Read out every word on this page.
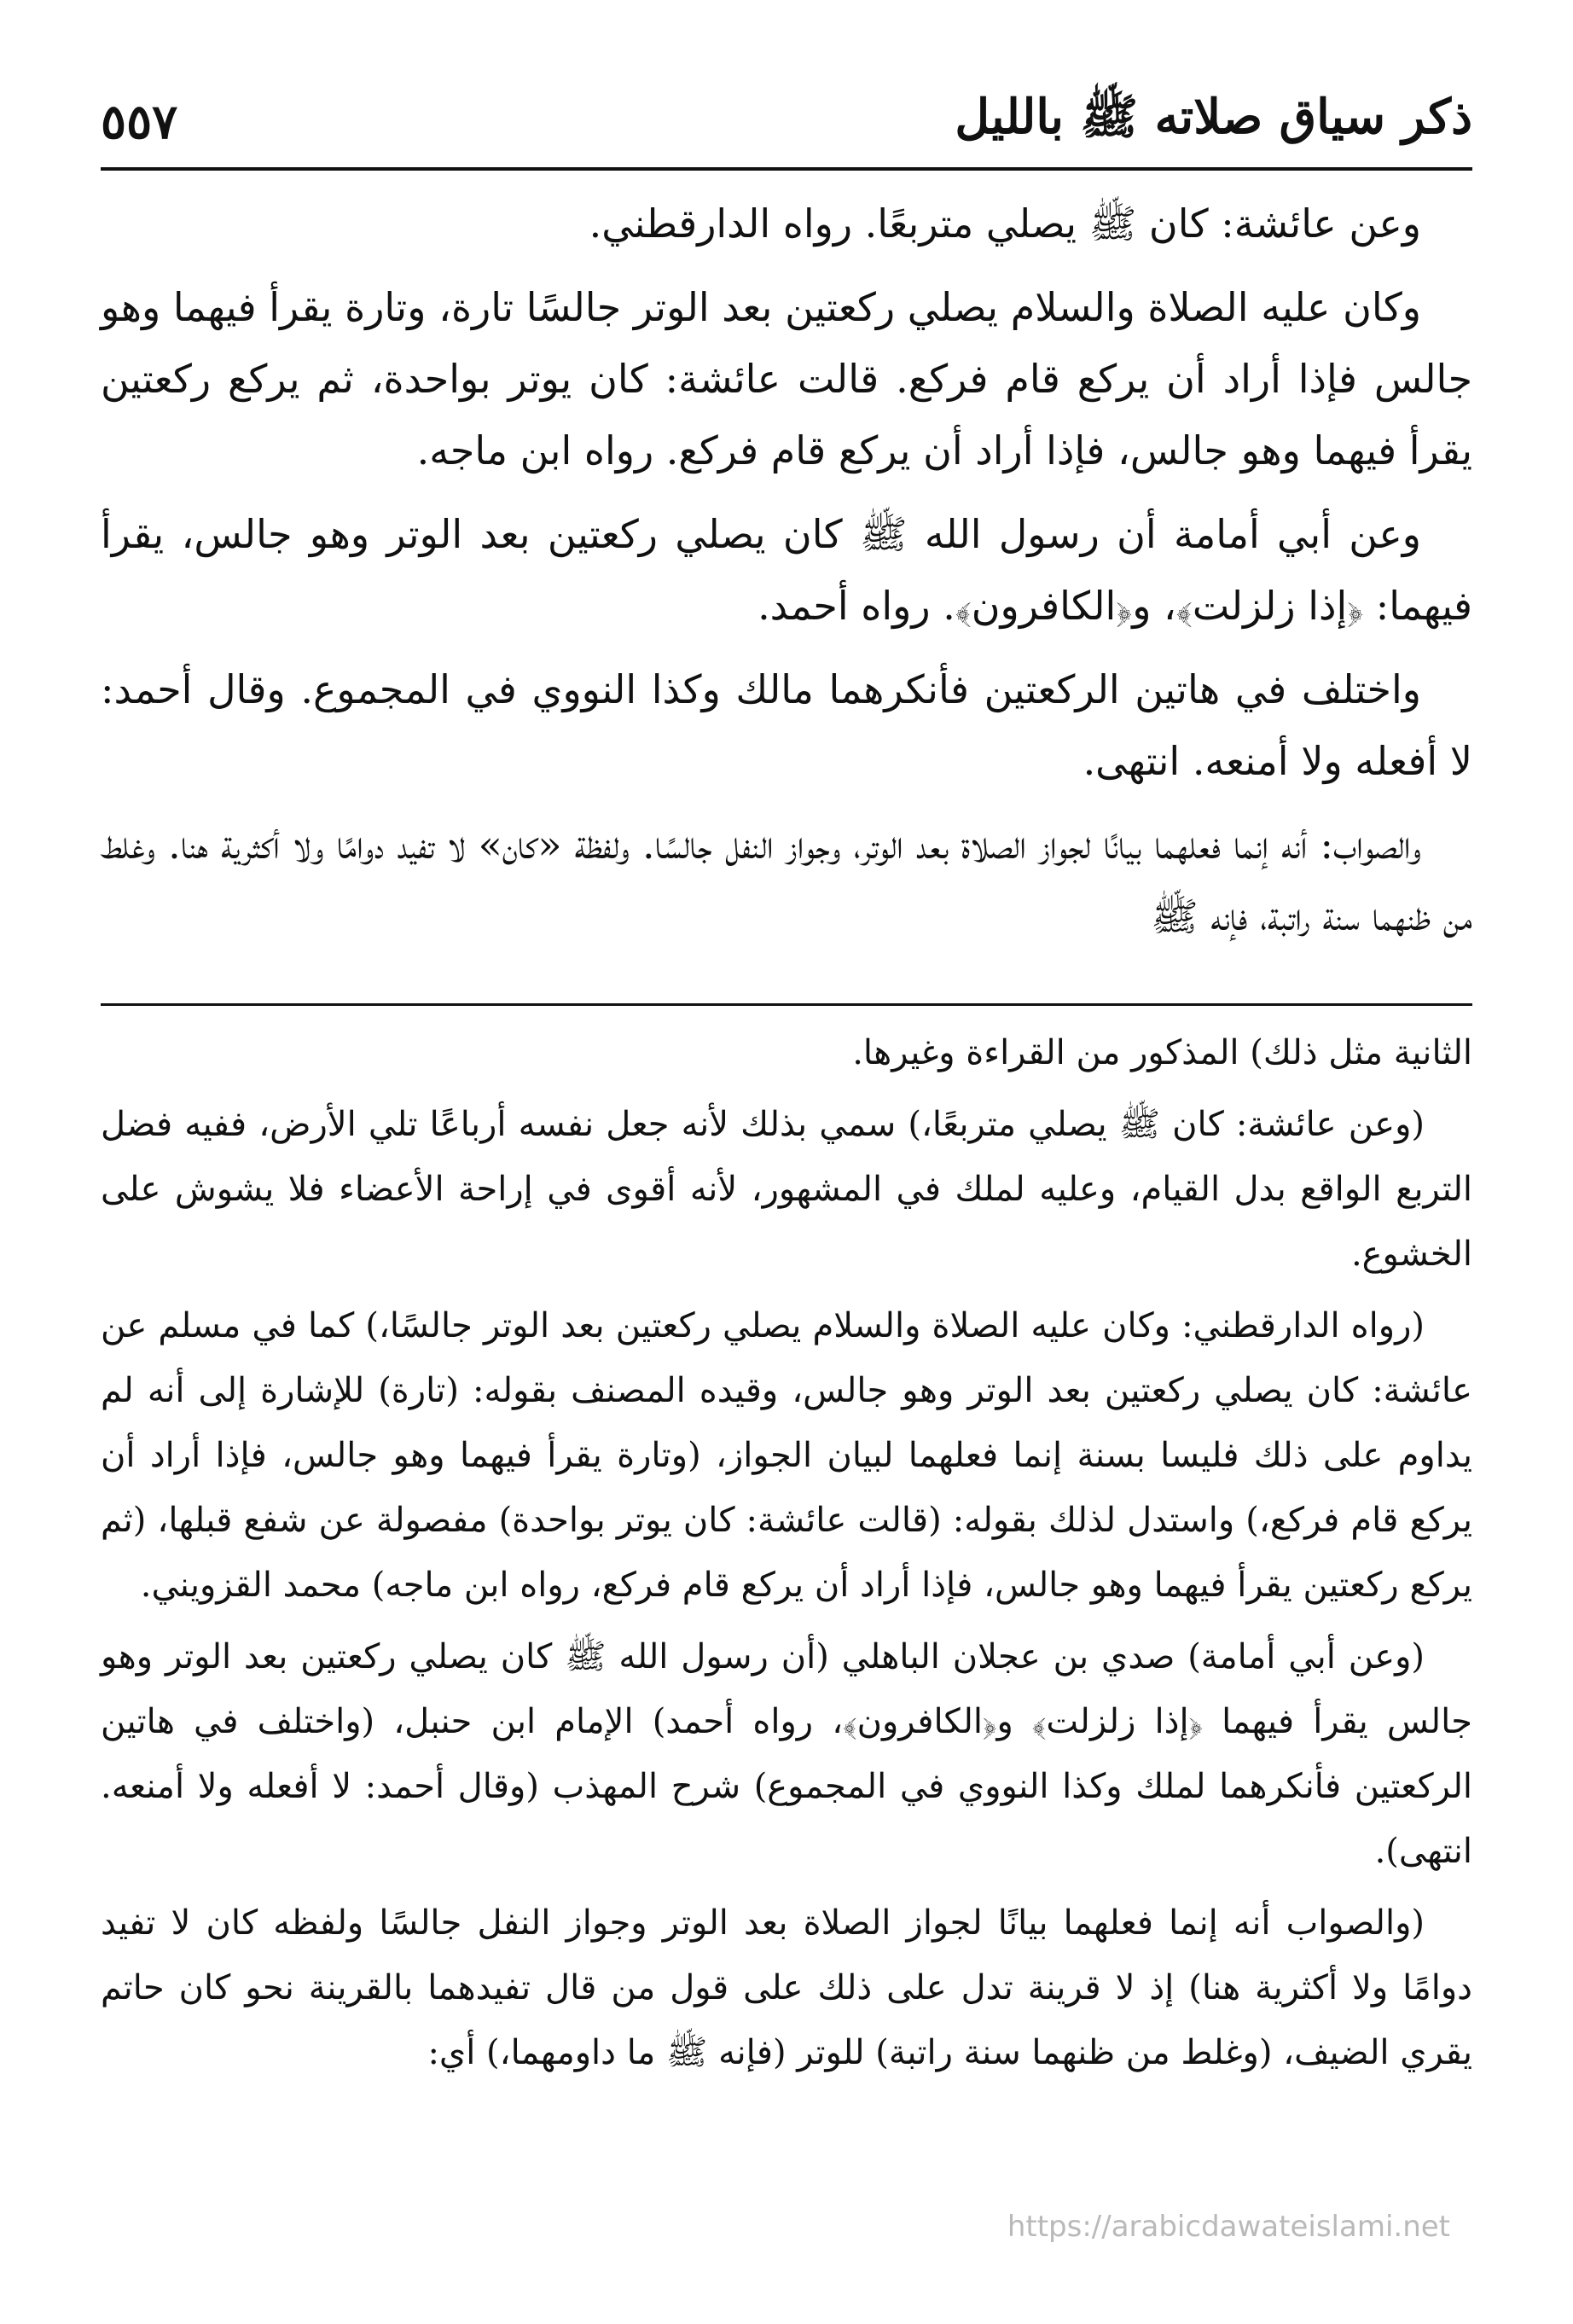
ذكر سياق صلاته ﷺ بالليل
٥٥٧

وعن عائشة: كان ﷺ يصلي متربعًا. رواه الدارقطني.

وكان عليه الصلاة والسلام يصلي ركعتين بعد الوتر جالسًا تارة، وتارة يقرأ فيهما وهو جالس فإذا أراد أن يركع قام فركع. قالت عائشة: كان يوتر بواحدة، ثم يركع ركعتين يقرأ فيهما وهو جالس، فإذا أراد أن يركع قام فركع. رواه ابن ماجه.

وعن أبي أمامة أن رسول الله ﷺ كان يصلي ركعتين بعد الوتر وهو جالس، يقرأ فيهما: ﴿إذا زلزلت﴾، و﴿الكافرون﴾. رواه أحمد.

واختلف في هاتين الركعتين فأنكرهما مالك وكذا النووي في المجموع. وقال أحمد: لا أفعله ولا أمنعه. انتهى.

والصواب: أنه إنما فعلهما بيانًا لجواز الصلاة بعد الوتر، وجواز النفل جالسًا. ولفظة «كان» لا تفيد دوامًا ولا أكثرية هنا. وغلط من ظنهما سنة راتبة، فإنه ﷺ

الثانية مثل ذلك) المذكور من القراءة وغيرها.

(وعن عائشة: كان ﷺ يصلي متربعًا،) سمي بذلك لأنه جعل نفسه أرباعًا تلي الأرض، ففيه فضل التربع الواقع بدل القيام، وعليه لملك في المشهور، لأنه أقوى في إراحة الأعضاء فلا يشوش على الخشوع.

(رواه الدارقطني: وكان عليه الصلاة والسلام يصلي ركعتين بعد الوتر جالسًا،) كما في مسلم عن عائشة: كان يصلي ركعتين بعد الوتر وهو جالس، وقيده المصنف بقوله: (تارة) للإشارة إلى أنه لم يداوم على ذلك فليسا بسنة إنما فعلهما لبيان الجواز، (وتارة يقرأ فيهما وهو جالس، فإذا أراد أن يركع قام فركع،) واستدل لذلك بقوله: (قالت عائشة: كان يوتر بواحدة) مفصولة عن شفع قبلها، (ثم يركع ركعتين يقرأ فيهما وهو جالس، فإذا أراد أن يركع قام فركع، رواه ابن ماجه) محمد القزويني.

(وعن أبي أمامة) صدي بن عجلان الباهلي (أن رسول الله ﷺ كان يصلي ركعتين بعد الوتر وهو جالس يقرأ فيهما ﴿إذا زلزلت﴾ و﴿الكافرون﴾، رواه أحمد) الإمام ابن حنبل، (واختلف في هاتين الركعتين فأنكرهما لملك وكذا النووي في المجموع) شرح المهذب (وقال أحمد: لا أفعله ولا أمنعه. انتهى).

(والصواب أنه إنما فعلهما بيانًا لجواز الصلاة بعد الوتر وجواز النفل جالسًا ولفظه كان لا تفيد دوامًا ولا أكثرية هنا) إذ لا قرينة تدل على ذلك على قول من قال تفيدهما بالقرينة نحو كان حاتم يقري الضيف، (وغلط من ظنهما سنة راتبة) للوتر (فإنه ﷺ ما داومهما،) أي:

https://arabicdawateislami.net
